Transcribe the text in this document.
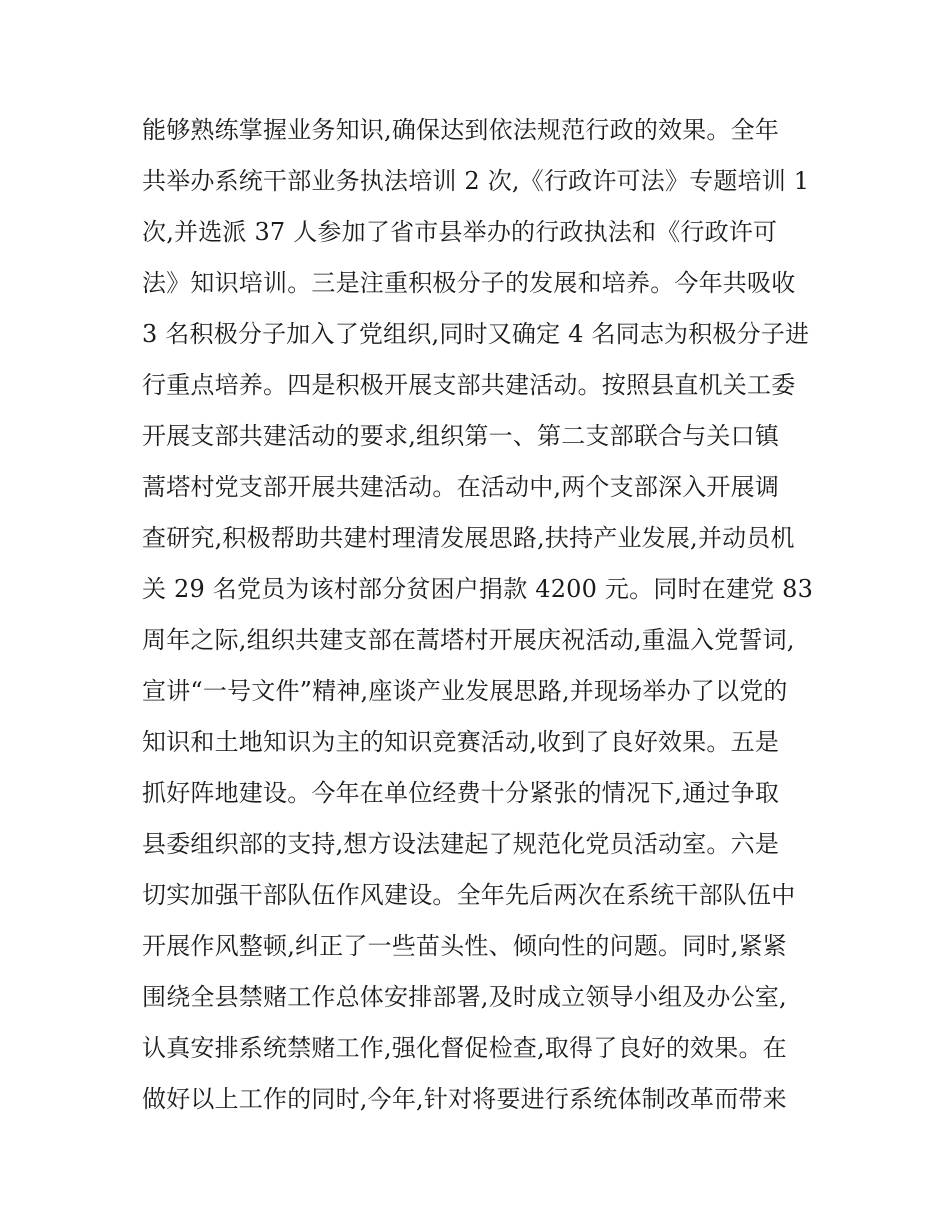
能够熟练掌握业务知识,确保达到依法规范行政的效果。全年
共举办系统干部业务执法培训 2 次,《行政许可法》专题培训 1
次,并选派 37 人参加了省市县举办的行政执法和《行政许可
法》知识培训。三是注重积极分子的发展和培养。今年共吸收
3 名积极分子加入了党组织,同时又确定 4 名同志为积极分子进
行重点培养。四是积极开展支部共建活动。按照县直机关工委
开展支部共建活动的要求,组织第一、第二支部联合与关口镇
蒿塔村党支部开展共建活动。在活动中,两个支部深入开展调
查研究,积极帮助共建村理清发展思路,扶持产业发展,并动员机
关 29 名党员为该村部分贫困户捐款 4200 元。同时在建党 83
周年之际,组织共建支部在蒿塔村开展庆祝活动,重温入党誓词,
宣讲“一号文件”精神,座谈产业发展思路,并现场举办了以党的
知识和土地知识为主的知识竞赛活动,收到了良好效果。五是
抓好阵地建设。今年在单位经费十分紧张的情况下,通过争取
县委组织部的支持,想方设法建起了规范化党员活动室。六是
切实加强干部队伍作风建设。全年先后两次在系统干部队伍中
开展作风整顿,纠正了一些苗头性、倾向性的问题。同时,紧紧
围绕全县禁赌工作总体安排部署,及时成立领导小组及办公室,
认真安排系统禁赌工作,强化督促检查,取得了良好的效果。在
做好以上工作的同时,今年,针对将要进行系统体制改革而带来
